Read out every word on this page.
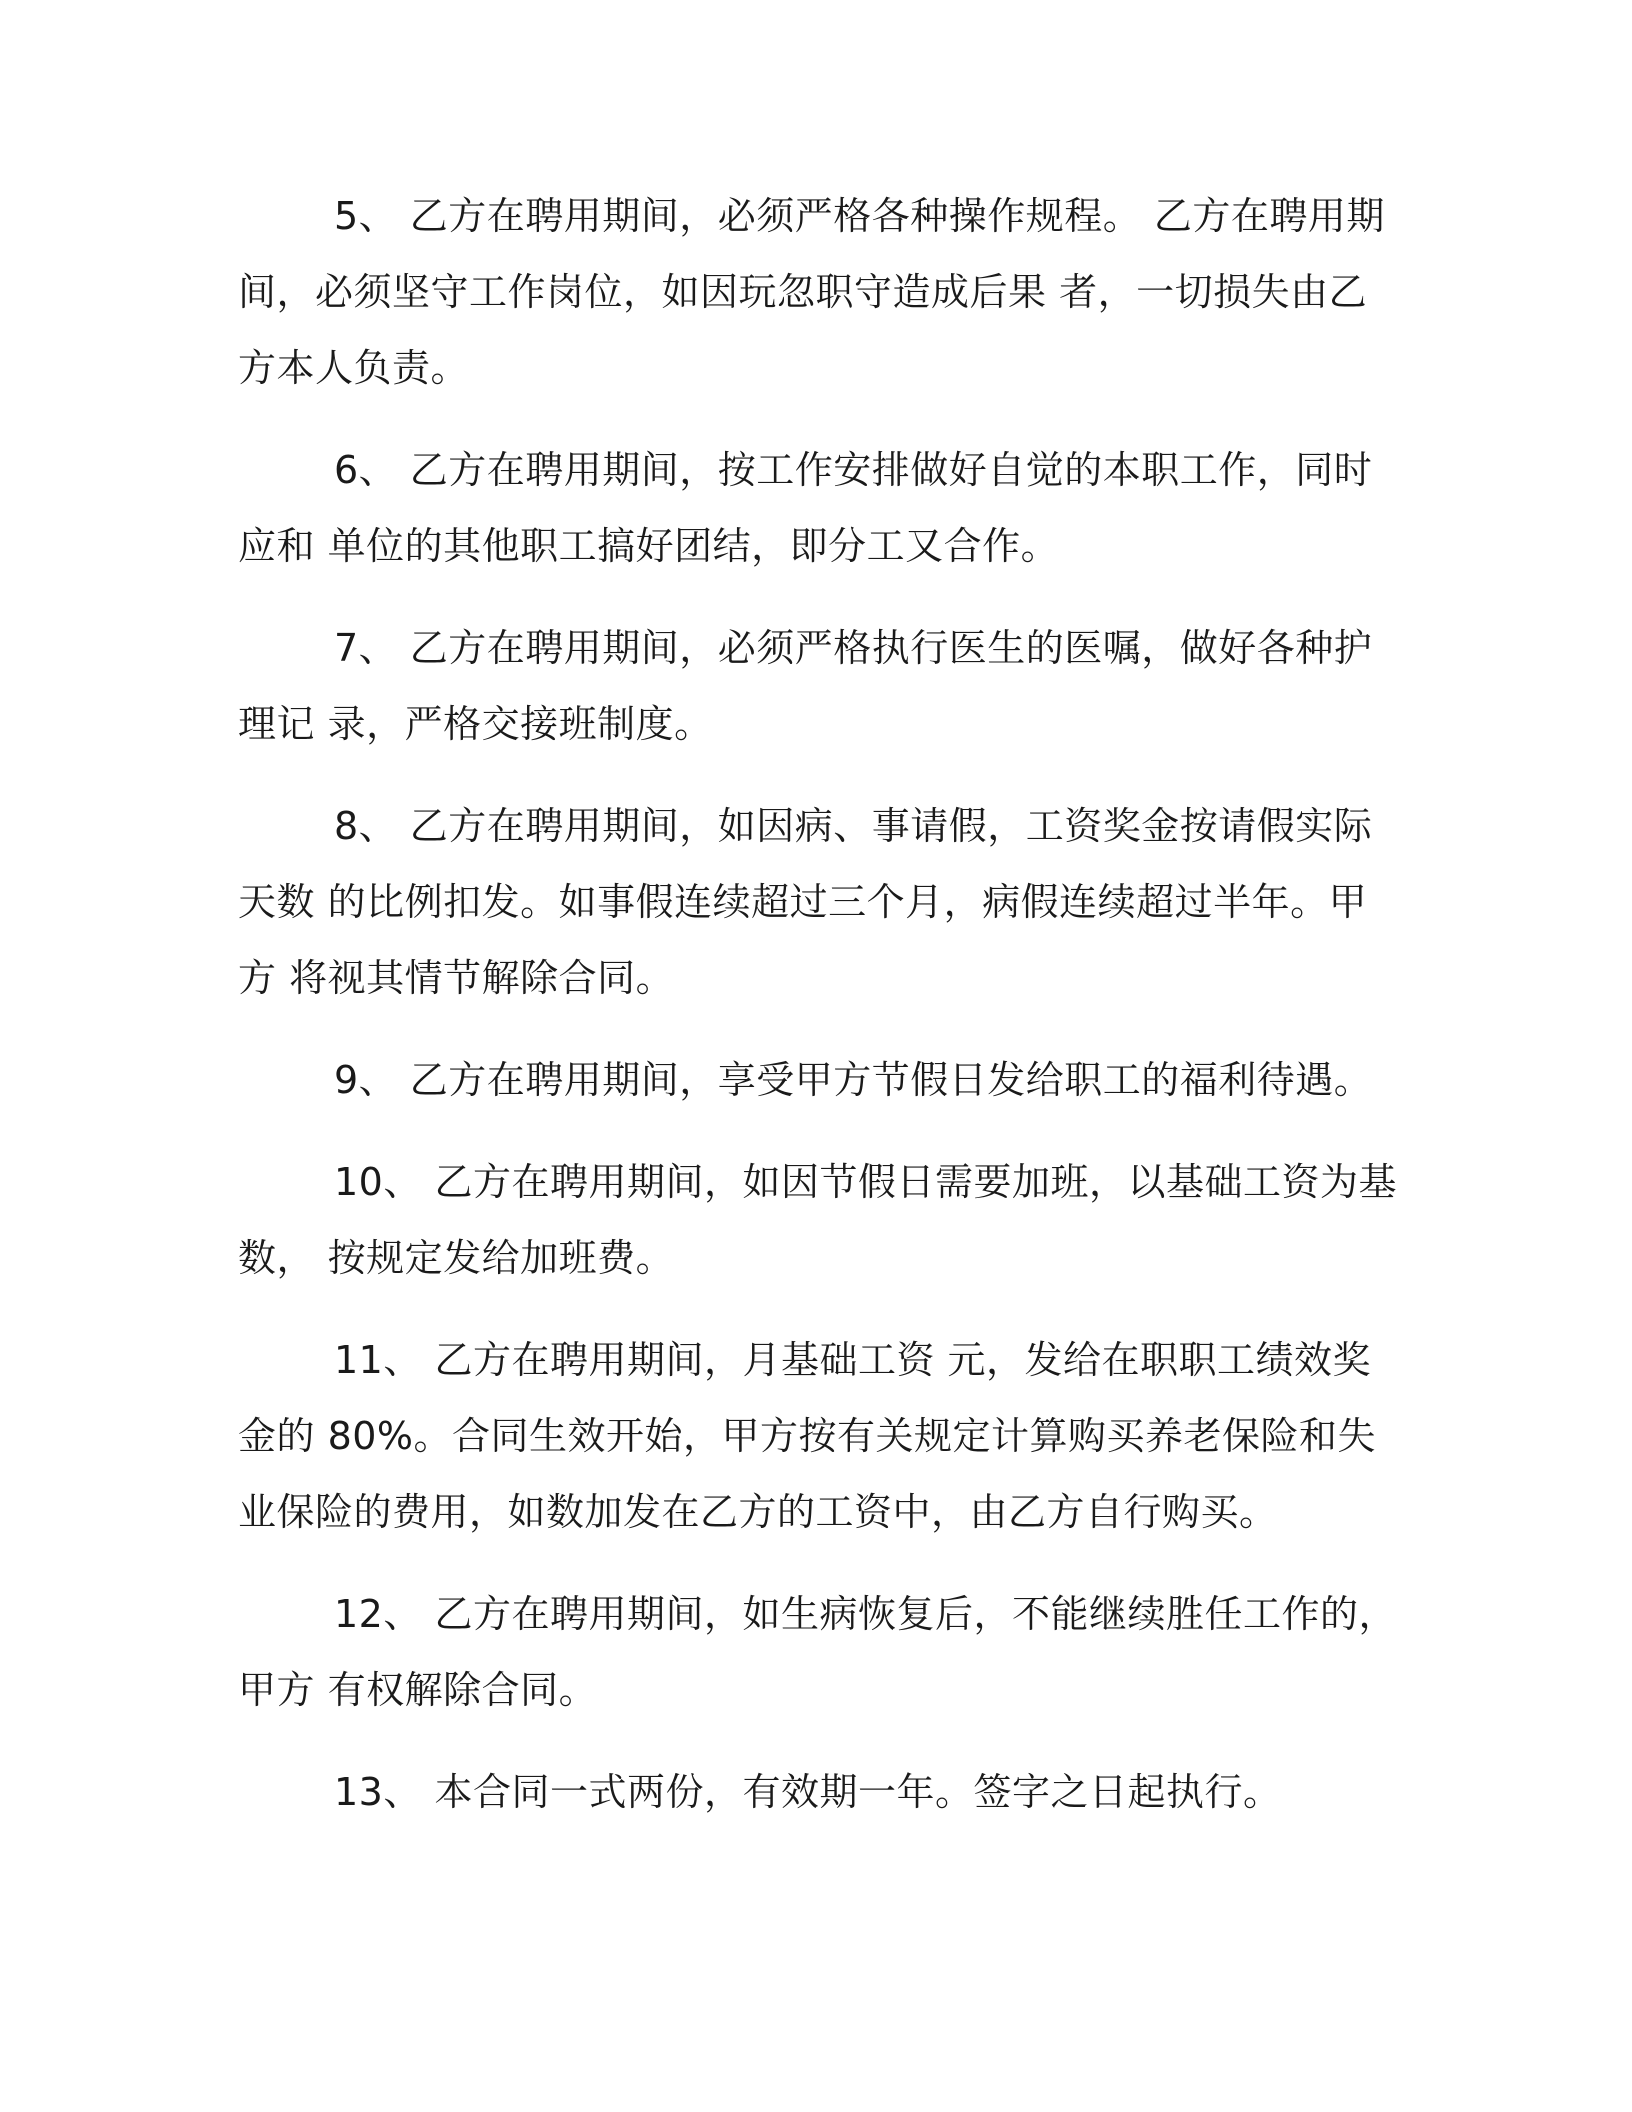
5、 乙方在聘用期间，必须严格各种操作规程。 乙方在聘用期间，必须坚守工作岗位，如因玩忽职守造成后果 者，一切损失由乙方本人负责。

6、 乙方在聘用期间，按工作安排做好自觉的本职工作，同时应和 单位的其他职工搞好团结，即分工又合作。

7、 乙方在聘用期间，必须严格执行医生的医嘱，做好各种护理记 录，严格交接班制度。

8、 乙方在聘用期间，如因病、事请假，工资奖金按请假实际天数 的比例扣发。如事假连续超过三个月，病假连续超过半年。甲方 将视其情节解除合同。

9、 乙方在聘用期间，享受甲方节假日发给职工的福利待遇。

10、 乙方在聘用期间，如因节假日需要加班，以基础工资为基数， 按规定发给加班费。

11、 乙方在聘用期间，月基础工资 元，发给在职职工绩效奖金的 80%。合同生效开始，甲方按有关规定计算购买养老保险和失 业保险的费用，如数加发在乙方的工资中，由乙方自行购买。

12、 乙方在聘用期间，如生病恢复后，不能继续胜任工作的，甲方 有权解除合同。

13、 本合同一式两份，有效期一年。签字之日起执行。
